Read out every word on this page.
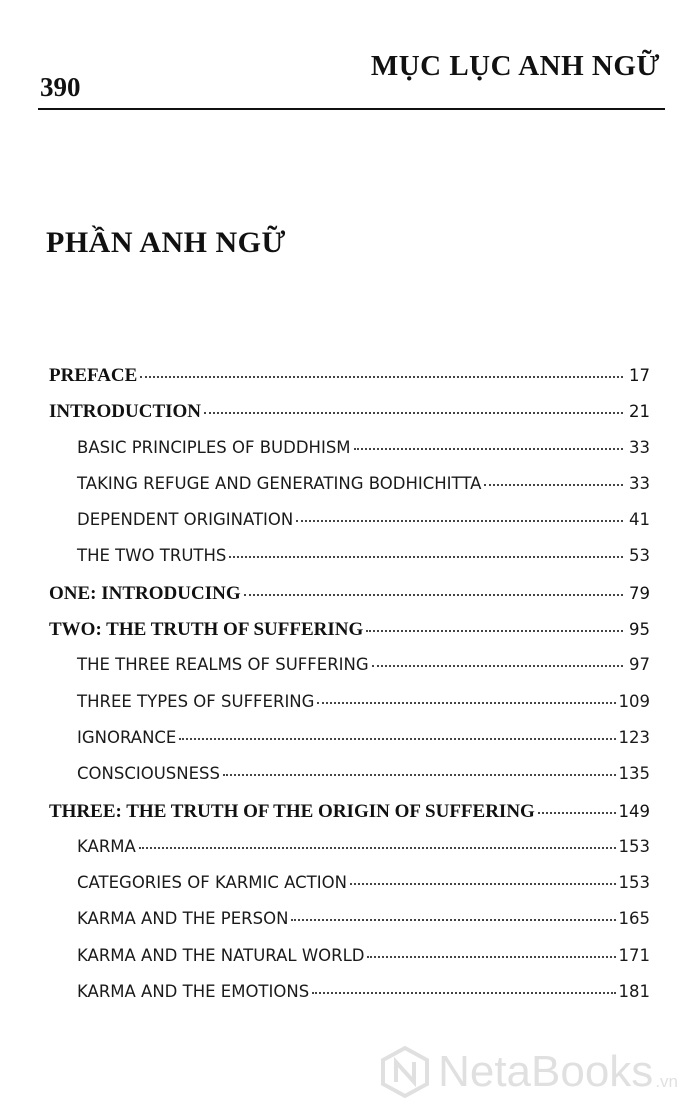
MỤC LỤC ANH NGỮ
390
PHẦN ANH NGỮ
PREFACE	17
INTRODUCTION	21
BASIC PRINCIPLES OF BUDDHISM	33
TAKING REFUGE AND GENERATING BODHICHITTA	33
DEPENDENT ORIGINATION	41
THE TWO TRUTHS	53
ONE: INTRODUCING	79
TWO: THE TRUTH OF SUFFERING	95
THE THREE REALMS OF SUFFERING	97
THREE TYPES OF SUFFERING	109
IGNORANCE	123
CONSCIOUSNESS	135
THREE: THE TRUTH OF THE ORIGIN OF SUFFERING	149
KARMA	153
CATEGORIES OF KARMIC ACTION	153
KARMA AND THE PERSON	165
KARMA AND THE NATURAL WORLD	171
KARMA AND THE EMOTIONS	181
NetaBooks .vn
